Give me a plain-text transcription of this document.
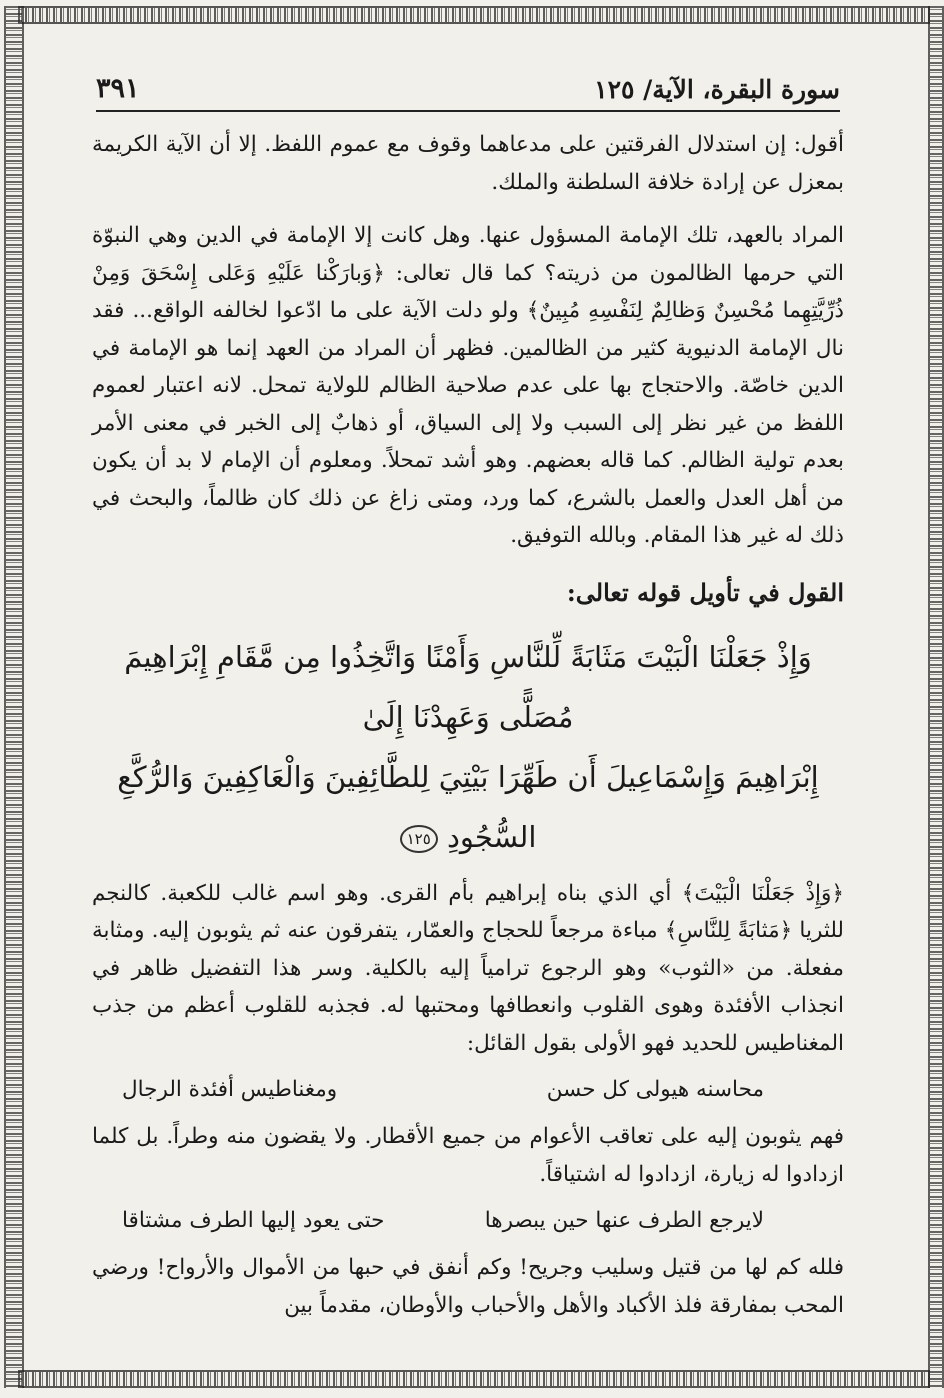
سورة البقرة، الآية/ ١٢٥
٣٩١

أقول: إن استدلال الفرقتين على مدعاهما وقوف مع عموم اللفظ. إلا أن الآية الكريمة بمعزل عن إرادة خلافة السلطنة والملك.

المراد بالعهد، تلك الإمامة المسؤول عنها. وهل كانت إلا الإمامة في الدين وهي النبوّة التي حرمها الظالمون من ذريته؟ كما قال تعالى: ﴿وَبارَكْنا عَلَيْهِ وَعَلى إِسْحَقَ وَمِنْ ذُرِّيَّتِهِما مُحْسِنٌ وَظالِمٌ لِنَفْسِهِ مُبِينٌ﴾ ولو دلت الآية على ما ادّعوا لخالفه الواقع... فقد نال الإمامة الدنيوية كثير من الظالمين. فظهر أن المراد من العهد إنما هو الإمامة في الدين خاصّة. والاحتجاج بها على عدم صلاحية الظالم للولاية تمحل. لانه اعتبار لعموم اللفظ من غير نظر إلى السبب ولا إلى السياق، أو ذهابٌ إلى الخبر في معنى الأمر بعدم تولية الظالم. كما قاله بعضهم. وهو أشد تمحلاً. ومعلوم أن الإمام لا بد أن يكون من أهل العدل والعمل بالشرع، كما ورد، ومتى زاغ عن ذلك كان ظالماً، والبحث في ذلك له غير هذا المقام. وبالله التوفيق.

القول في تأويل قوله تعالى:

وَإِذْ جَعَلْنَا الْبَيْتَ مَثَابَةً لِّلنَّاسِ وَأَمْنًا وَاتَّخِذُوا مِن مَّقَامِ إِبْرَاهِيمَ مُصَلًّى وَعَهِدْنَا إِلَىٰ
إِبْرَاهِيمَ وَإِسْمَاعِيلَ أَن طَهِّرَا بَيْتِيَ لِلطَّائِفِينَ وَالْعَاكِفِينَ وَالرُّكَّعِ السُّجُودِ ١٢٥

﴿وَإِذْ جَعَلْنَا الْبَيْتَ﴾ أي الذي بناه إبراهيم بأم القرى. وهو اسم غالب للكعبة. كالنجم للثريا ﴿مَثابَةً لِلنَّاسِ﴾ مباءة مرجعاً للحجاج والعمّار، يتفرقون عنه ثم يثوبون إليه. ومثابة مفعلة. من «الثوب» وهو الرجوع ترامياً إليه بالكلية. وسر هذا التفضيل ظاهر في انجذاب الأفئدة وهوى القلوب وانعطافها ومحتبها له. فجذبه للقلوب أعظم من جذب المغناطيس للحديد فهو الأولى بقول القائل:

محاسنه هيولى كل حسن
ومغناطيس أفئدة الرجال

فهم يثوبون إليه على تعاقب الأعوام من جميع الأقطار. ولا يقضون منه وطراً. بل كلما ازدادوا له زيارة، ازدادوا له اشتياقاً.

لايرجع الطرف عنها حين يبصرها
حتى يعود إليها الطرف مشتاقا

فلله كم لها من قتيل وسليب وجريح! وكم أنفق في حبها من الأموال والأرواح! ورضي المحب بمفارقة فلذ الأكباد والأهل والأحباب والأوطان، مقدماً بين
